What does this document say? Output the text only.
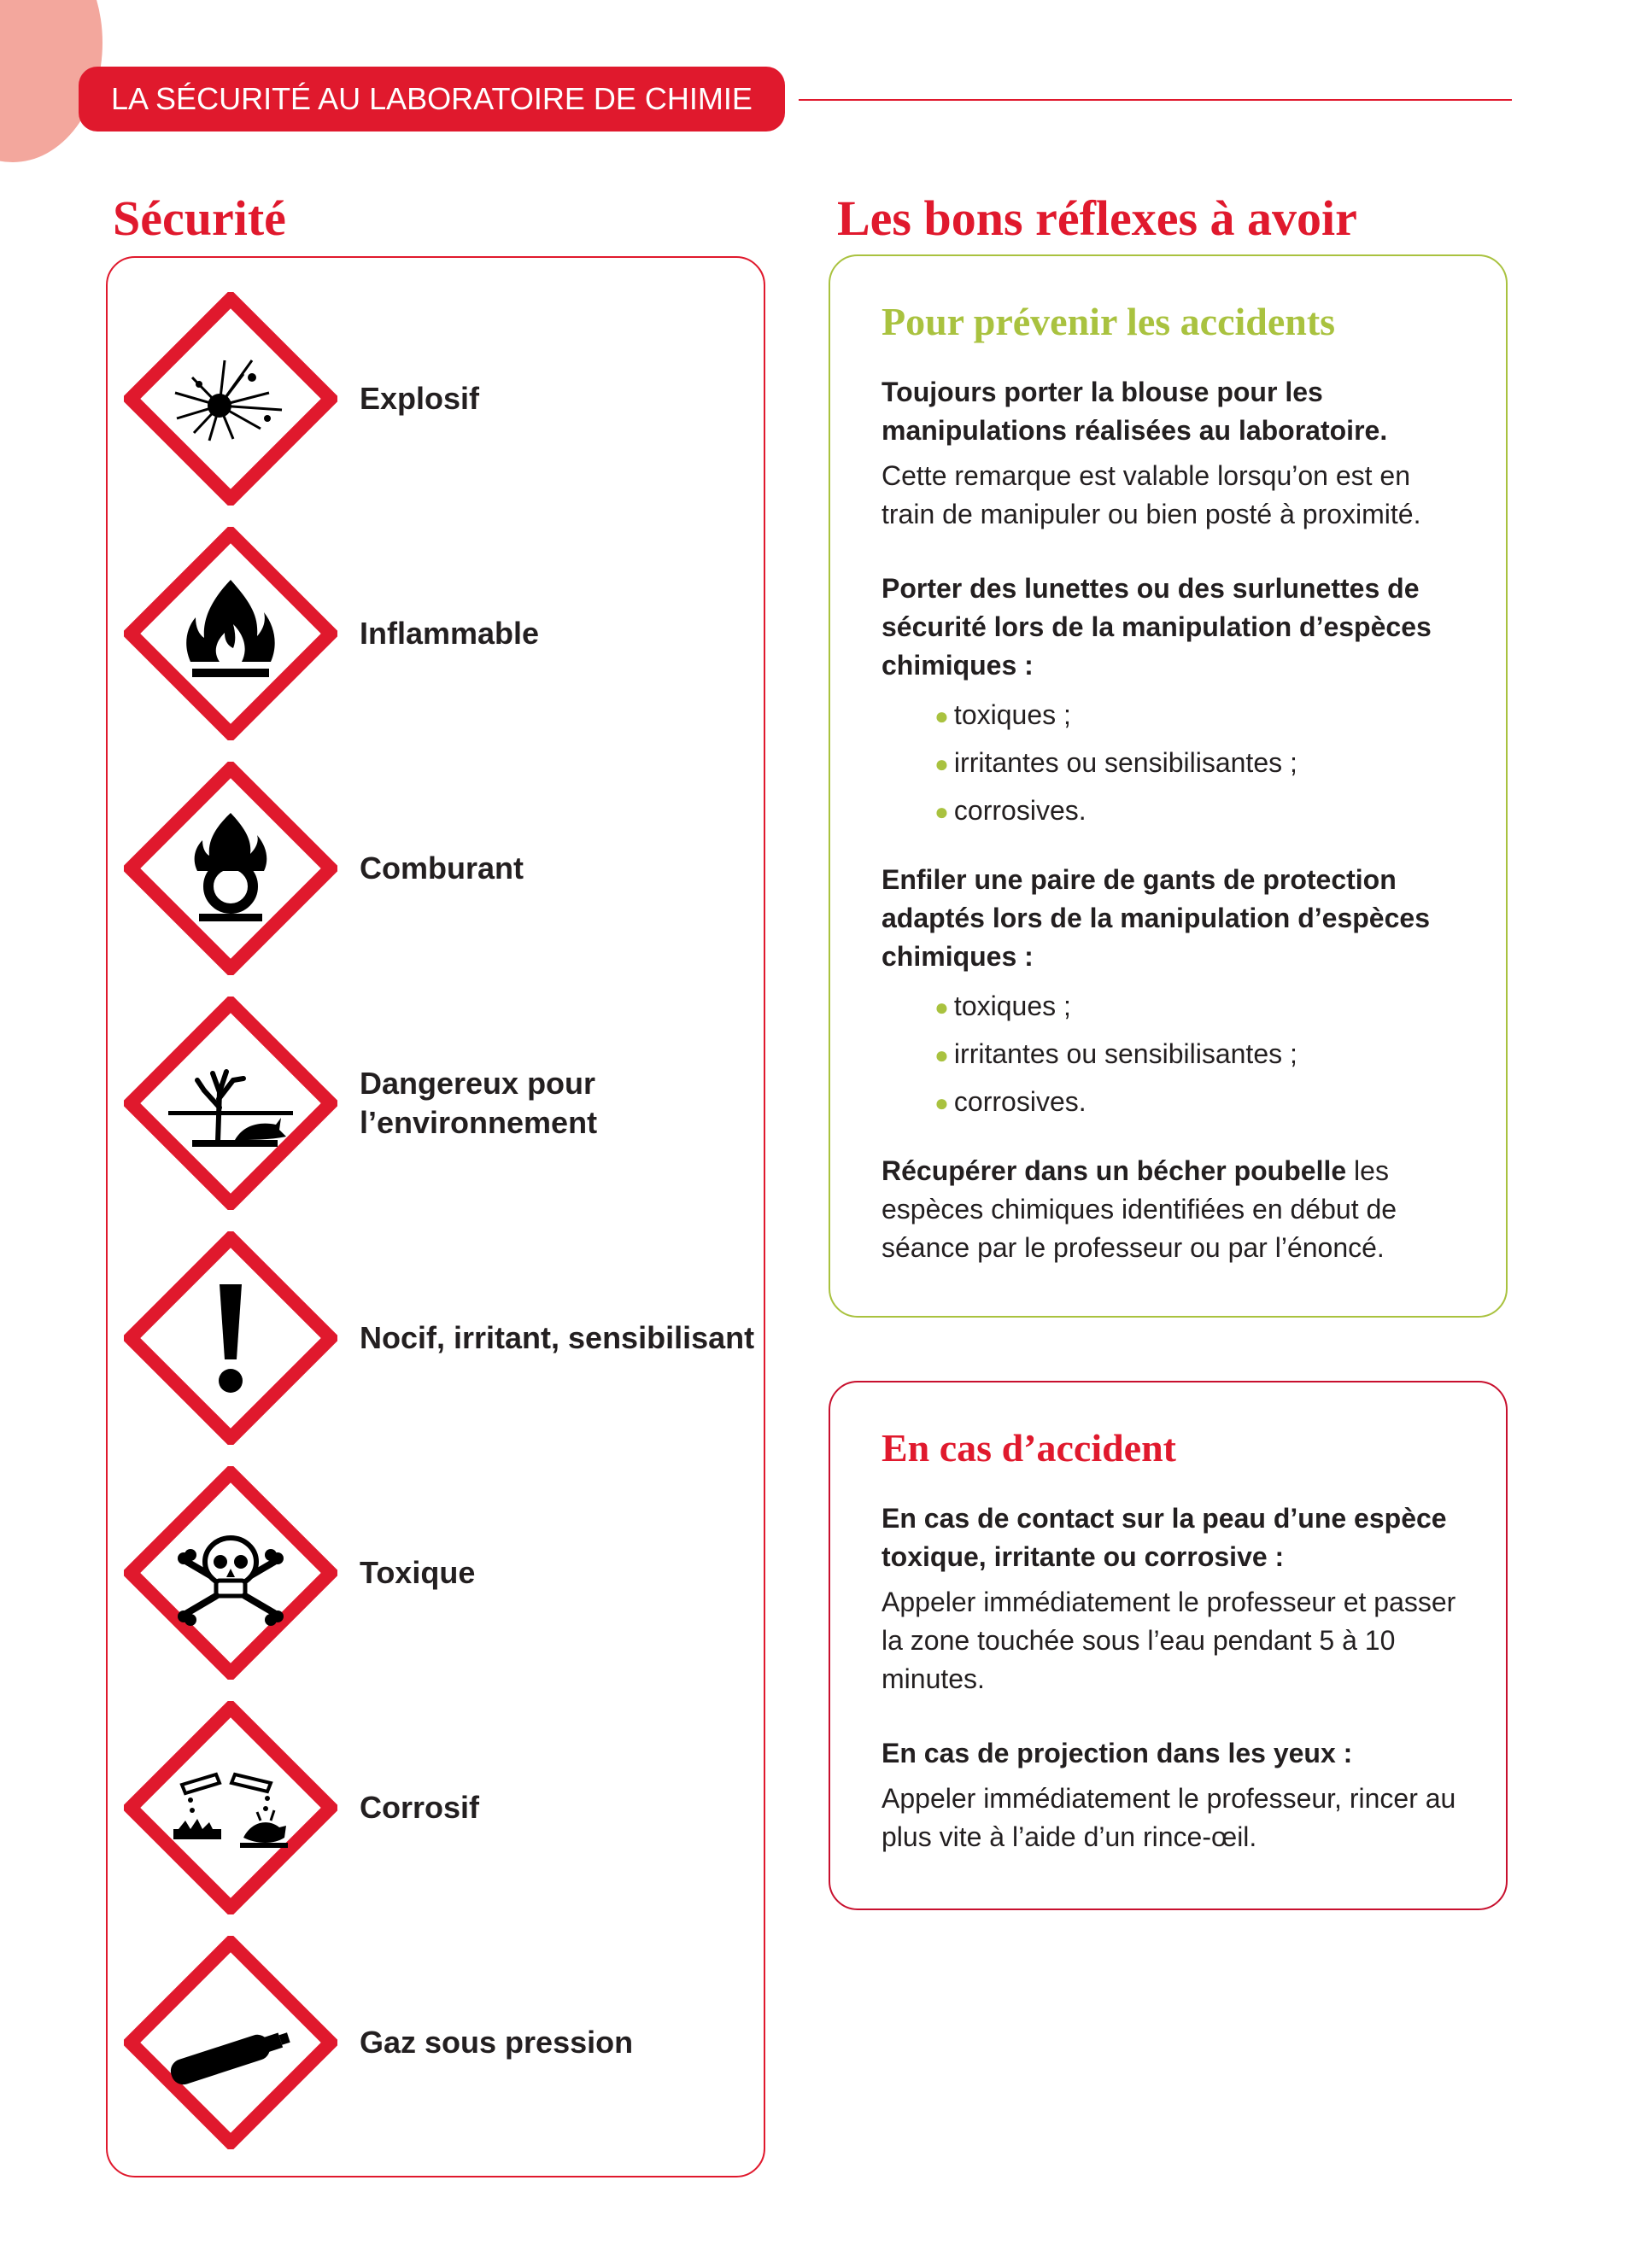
LA SÉCURITÉ AU LABORATOIRE DE CHIMIE
Sécurité	Les bons réflexes à avoir
Explosif
Inflammable
Comburant
Dangereux pour l’environnement
Nocif, irritant, sensibilisant
Toxique
Corrosif
Gaz sous pression
Pour prévenir les accidents

Toujours porter la blouse pour les manipulations réalisées au laboratoire.

Cette remarque est valable lorsqu’on est en train de manipuler ou bien posté à proximité.

Porter des lunettes ou des surlunettes de sécurité lors de la manipulation d’espèces chimiques :

● toxiques ;
● irritantes ou sensibilisantes ;
● corrosives.

Enfiler une paire de gants de protection adaptés lors de la manipulation d’espèces chimiques :

● toxiques ;
● irritantes ou sensibilisantes ;
● corrosives.

Récupérer dans un bécher poubelle les espèces chimiques identifiées en début de séance par le professeur ou par l’énoncé.

En cas d’accident

En cas de contact sur la peau d’une espèce toxique, irritante ou corrosive :

Appeler immédiatement le professeur et passer la zone touchée sous l’eau pendant 5 à 10 minutes.

En cas de projection dans les yeux :

Appeler immédiatement le professeur, rincer au plus vite à l’aide d’un rince-œil.
